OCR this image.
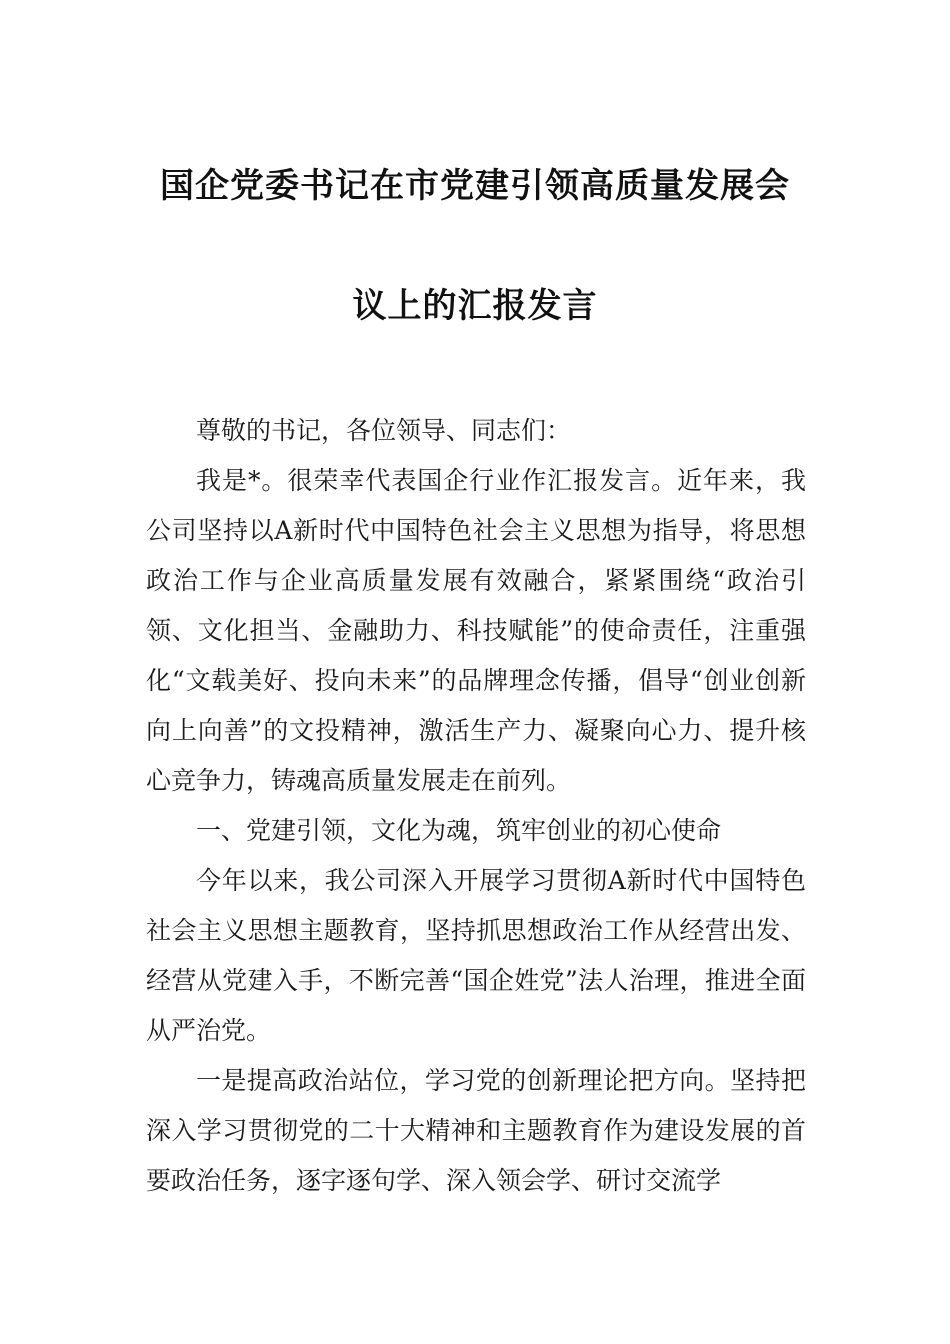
国企党委书记在市党建引领高质量发展会
议上的汇报发言

尊敬的书记，各位领导、同志们：

我是*。很荣幸代表国企行业作汇报发言。近年来，我公司坚持以A新时代中国特色社会主义思想为指导，将思想政治工作与企业高质量发展有效融合，紧紧围绕“政治引领、文化担当、金融助力、科技赋能”的使命责任，注重强化“文载美好、投向未来”的品牌理念传播，倡导“创业创新向上向善”的文投精神，激活生产力、凝聚向心力、提升核心竞争力，铸魂高质量发展走在前列。

一、党建引领，文化为魂，筑牢创业的初心使命

今年以来，我公司深入开展学习贯彻A新时代中国特色社会主义思想主题教育，坚持抓思想政治工作从经营出发、经营从党建入手，不断完善“国企姓党”法人治理，推进全面从严治党。

一是提高政治站位，学习党的创新理论把方向。坚持把深入学习贯彻党的二十大精神和主题教育作为建设发展的首要政治任务，逐字逐句学、深入领会学、研讨交流学
